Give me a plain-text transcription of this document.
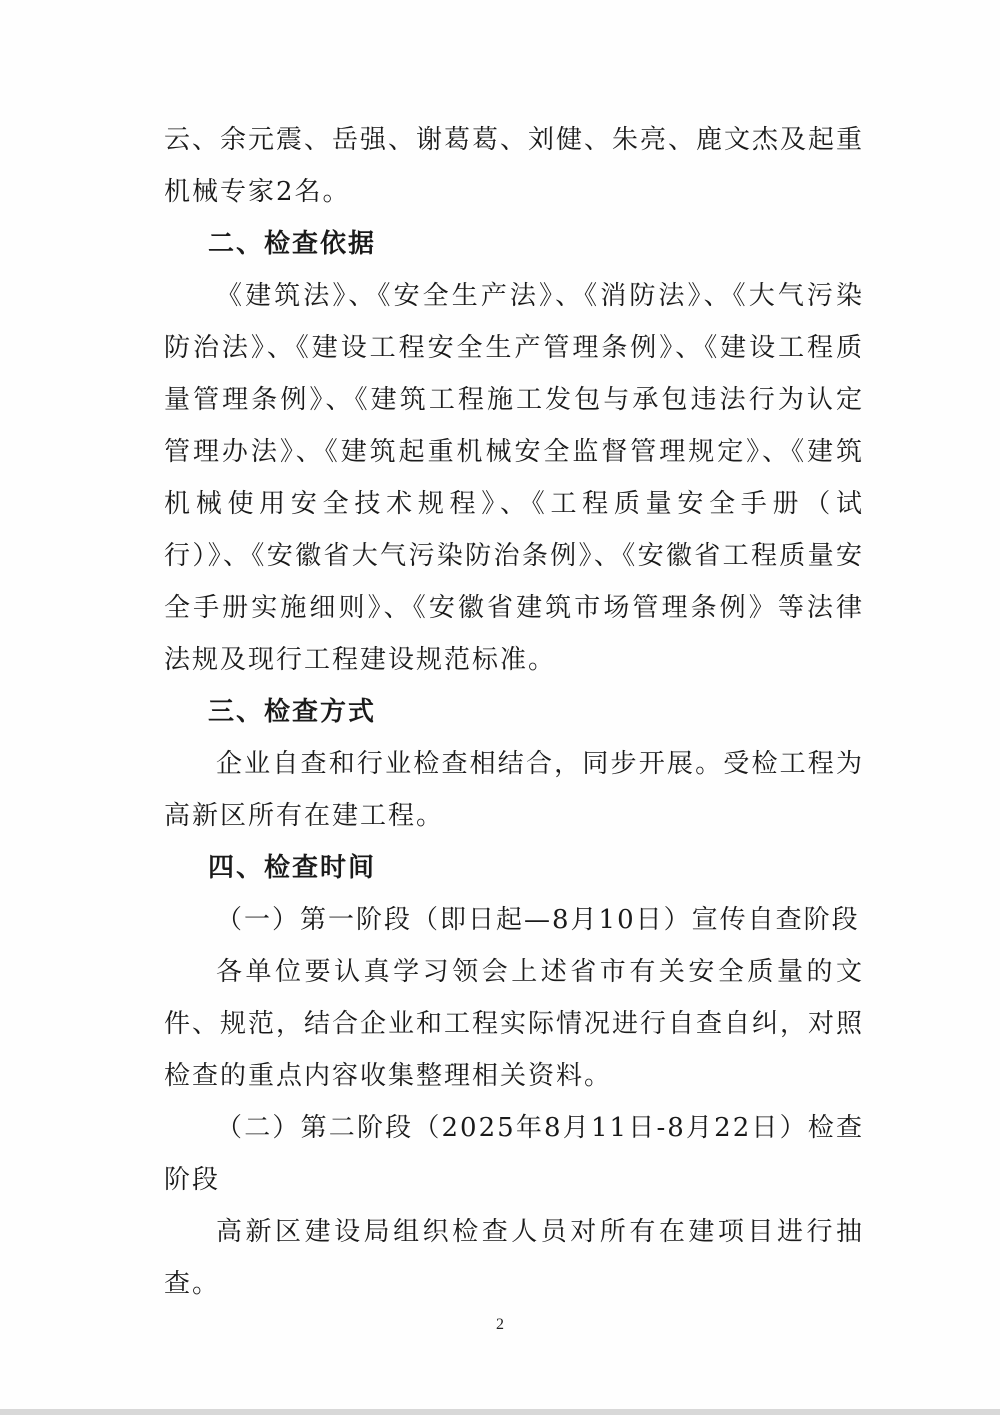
云、余元震、岳强、谢葛葛、刘健、朱亮、鹿文杰及起重机械专家2名。

二、检查依据

《建筑法》、《安全生产法》、《消防法》、《大气污染防治法》、《建设工程安全生产管理条例》、《建设工程质量管理条例》、《建筑工程施工发包与承包违法行为认定管理办法》、《建筑起重机械安全监督管理规定》、《建筑机械使用安全技术规程》、《工程质量安全手册（试行）》、《安徽省大气污染防治条例》、《安徽省工程质量安全手册实施细则》、《安徽省建筑市场管理条例》等法律法规及现行工程建设规范标准。

三、检查方式

企业自查和行业检查相结合，同步开展。受检工程为高新区所有在建工程。

四、检查时间

（一）第一阶段（即日起—8月10日）宣传自查阶段

各单位要认真学习领会上述省市有关安全质量的文件、规范，结合企业和工程实际情况进行自查自纠，对照检查的重点内容收集整理相关资料。

（二）第二阶段（2025年8月11日-8月22日）检查阶段

高新区建设局组织检查人员对所有在建项目进行抽查。

2
